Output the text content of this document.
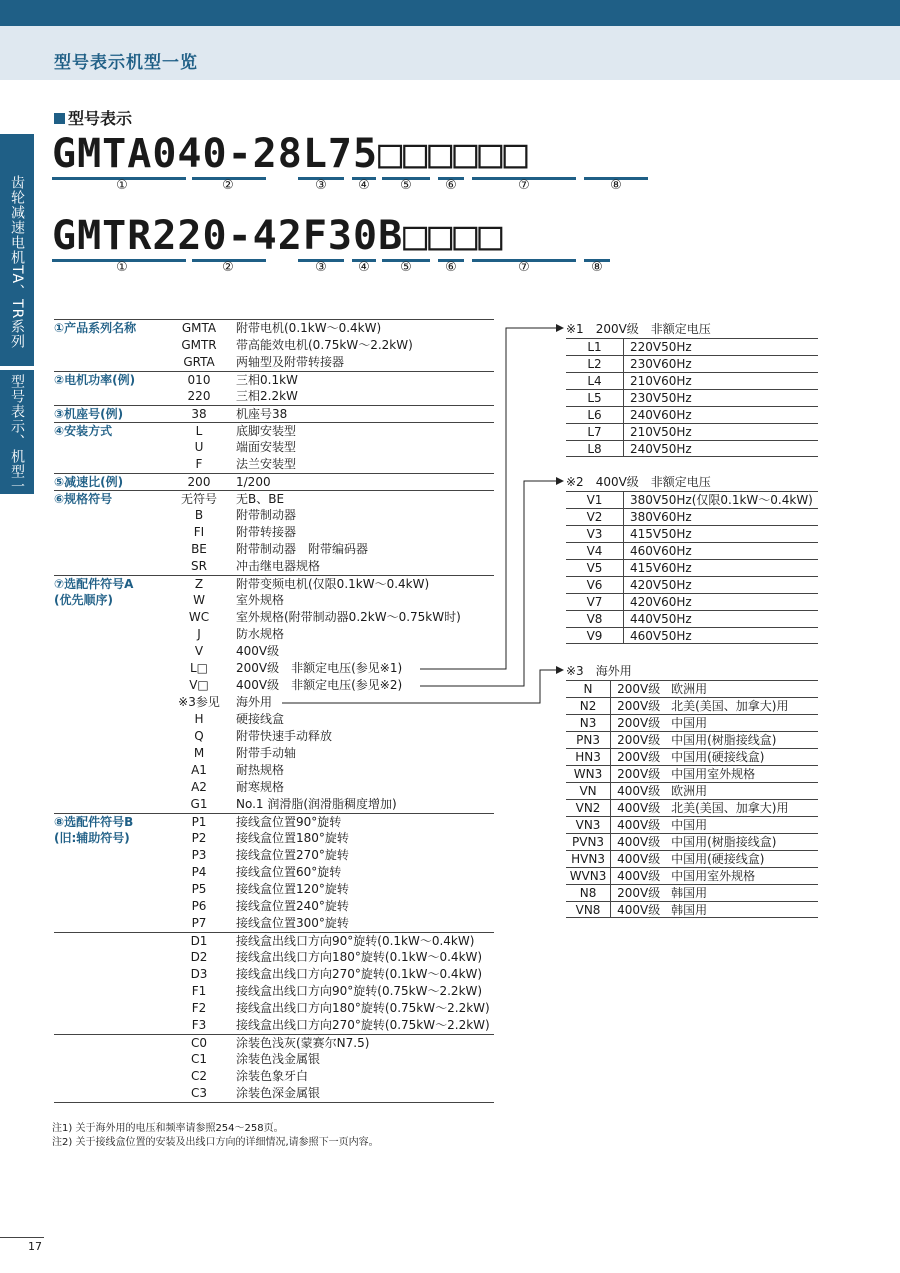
型号表示机型一览
齿轮减速电机TA、TR系列
型号表示、机型一
型号表示
GMTA040-28L75□□□□□□
①	②	③	④	⑤	⑥	⑦	⑧
GMTR220-42F30B□□□□
①	②	③	④	⑤	⑥	⑦	⑧
①产品系列名称	GMTA	附带电机(0.1kW～0.4kW)
GMTR	带高能效电机(0.75kW～2.2kW)
GRTA	两轴型及附带转接器
②电机功率(例)	010	三相0.1kW
220	三相2.2kW
③机座号(例)	38	机座号38
④安装方式	L	底脚安装型
U	端面安装型
F	法兰安装型
⑤减速比(例)	200	1/200
⑥规格符号	无符号	无B、BE
B	附带制动器
FI	附带转接器
BE	附带制动器　附带编码器
SR	冲击继电器规格
⑦选配件符号A	Z	附带变频电机(仅限0.1kW～0.4kW)
(优先顺序)	W	室外规格
WC	室外规格(附带制动器0.2kW～0.75kW时)
J	防水规格
V	400V级
L□	200V级　非额定电压(参见※1)
V□	400V级　非额定电压(参见※2)
※3参见	海外用
H	硬接线盒
Q	附带快速手动释放
M	附带手动轴
A1	耐热规格
A2	耐寒规格
G1	No.1 润滑脂(润滑脂稠度增加)
⑧选配件符号B	P1	接线盒位置90°旋转
(旧:辅助符号)	P2	接线盒位置180°旋转
P3	接线盒位置270°旋转
P4	接线盒位置60°旋转
P5	接线盒位置120°旋转
P6	接线盒位置240°旋转
P7	接线盒位置300°旋转
D1	接线盒出线口方向90°旋转(0.1kW～0.4kW)
D2	接线盒出线口方向180°旋转(0.1kW～0.4kW)
D3	接线盒出线口方向270°旋转(0.1kW～0.4kW)
F1	接线盒出线口方向90°旋转(0.75kW～2.2kW)
F2	接线盒出线口方向180°旋转(0.75kW～2.2kW)
F3	接线盒出线口方向270°旋转(0.75kW～2.2kW)
C0	涂装色浅灰(蒙赛尔N7.5)
C1	涂装色浅金属银
C2	涂装色象牙白
C3	涂装色深金属银
※1　200V级　非额定电压
L1	220V50Hz
L2	230V60Hz
L4	210V60Hz
L5	230V50Hz
L6	240V60Hz
L7	210V50Hz
L8	240V50Hz
※2　400V级　非额定电压
V1	380V50Hz(仅限0.1kW～0.4kW)
V2	380V60Hz
V3	415V50Hz
V4	460V60Hz
V5	415V60Hz
V6	420V50Hz
V7	420V60Hz
V8	440V50Hz
V9	460V50Hz
※3　海外用
N	200V级 欧洲用
N2	200V级 北美(美国、加拿大)用
N3	200V级 中国用
PN3	200V级 中国用(树脂接线盒)
HN3	200V级 中国用(硬接线盒)
WN3	200V级 中国用室外规格
VN	400V级 欧洲用
VN2	400V级 北美(美国、加拿大)用
VN3	400V级 中国用
PVN3	400V级 中国用(树脂接线盒)
HVN3	400V级 中国用(硬接线盒)
WVN3 400V级 中国用室外规格
N8	200V级 韩国用
VN8	400V级 韩国用
注1) 关于海外用的电压和频率请参照254～258页。
注2) 关于接线盒位置的安装及出线口方向的详细情况,请参照下一页内容。
17
